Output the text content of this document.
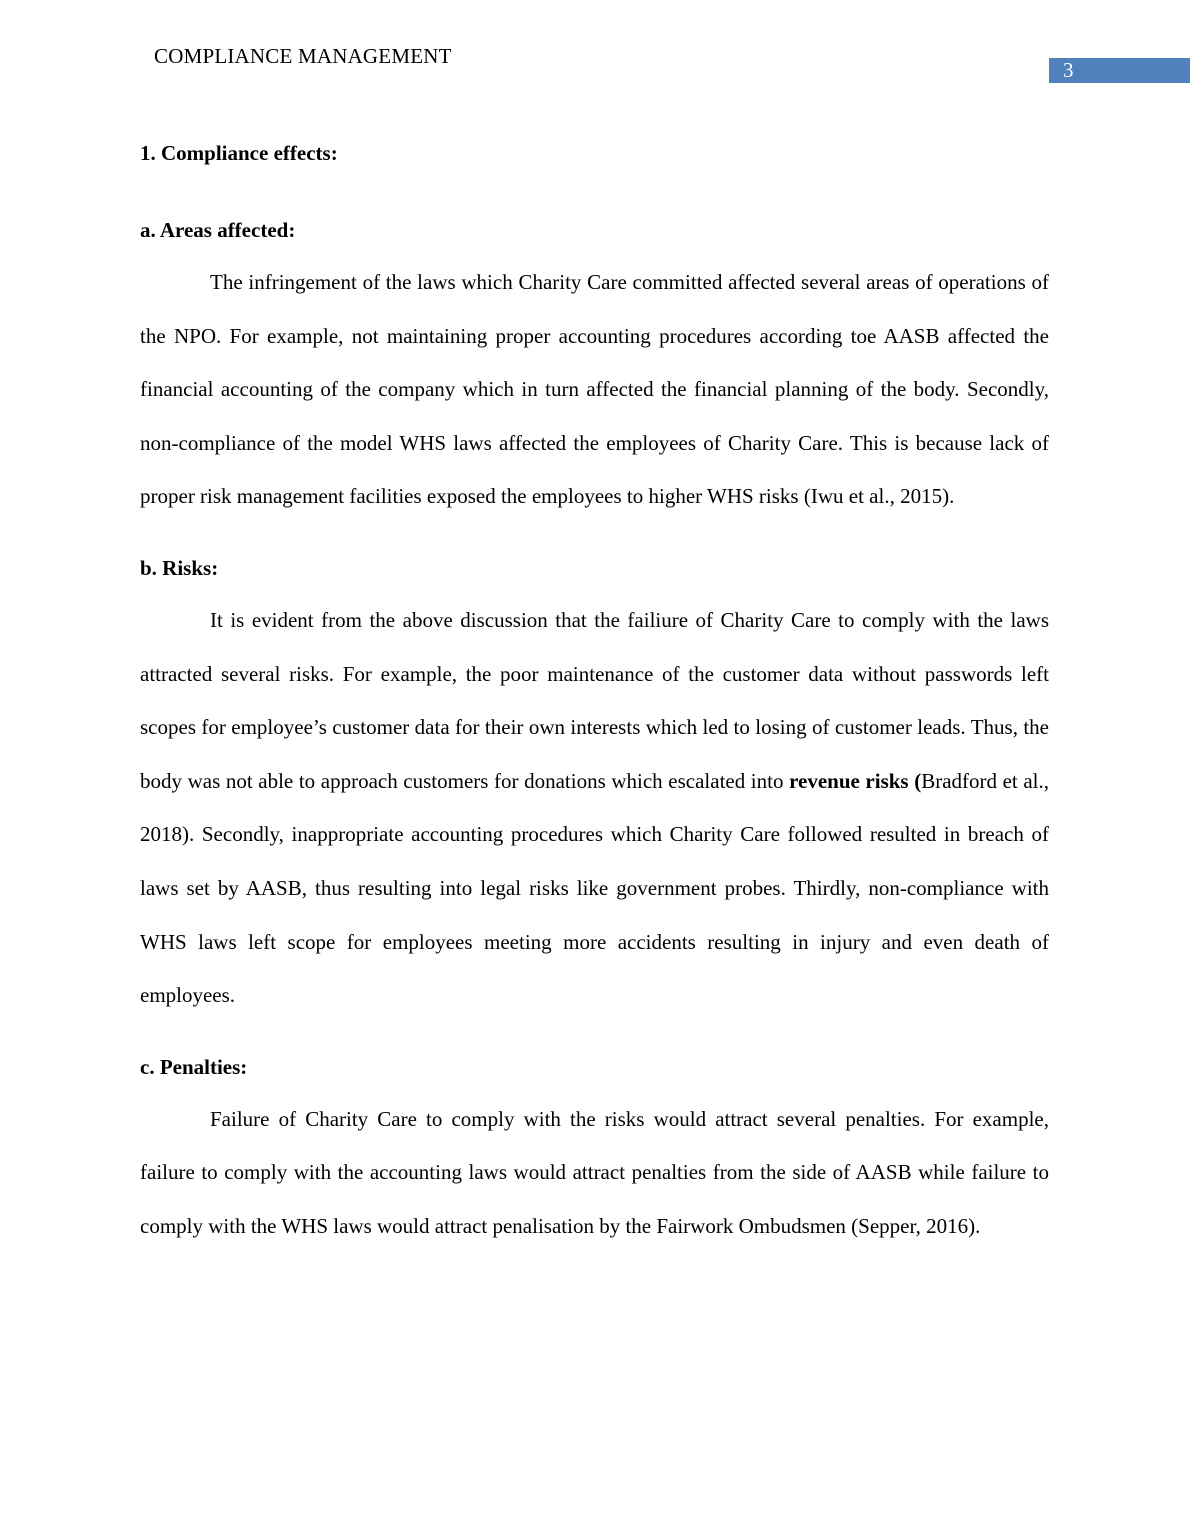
COMPLIANCE MANAGEMENT
3
1. Compliance effects:
a. Areas affected:

The infringement of the laws which Charity Care committed affected several areas of operations of the NPO. For example, not maintaining proper accounting procedures according toe AASB affected the financial accounting of the company which in turn affected the financial planning of the body. Secondly, non-compliance of the model WHS laws affected the employees of Charity Care. This is because lack of proper risk management facilities exposed the employees to higher WHS risks (Iwu et al., 2015).

b. Risks:

It is evident from the above discussion that the failiure of Charity Care to comply with the laws attracted several risks. For example, the poor maintenance of the customer data without passwords left scopes for employee’s customer data for their own interests which led to losing of customer leads. Thus, the body was not able to approach customers for donations which escalated into revenue risks (Bradford et al., 2018). Secondly, inappropriate accounting procedures which Charity Care followed resulted in breach of laws set by AASB, thus resulting into legal risks like government probes. Thirdly, non-compliance with WHS laws left scope for employees meeting more accidents resulting in injury and even death of employees.

c. Penalties:

Failure of Charity Care to comply with the risks would attract several penalties. For example, failure to comply with the accounting laws would attract penalties from the side of AASB while failure to comply with the WHS laws would attract penalisation by the Fairwork Ombudsmen (Sepper, 2016).
